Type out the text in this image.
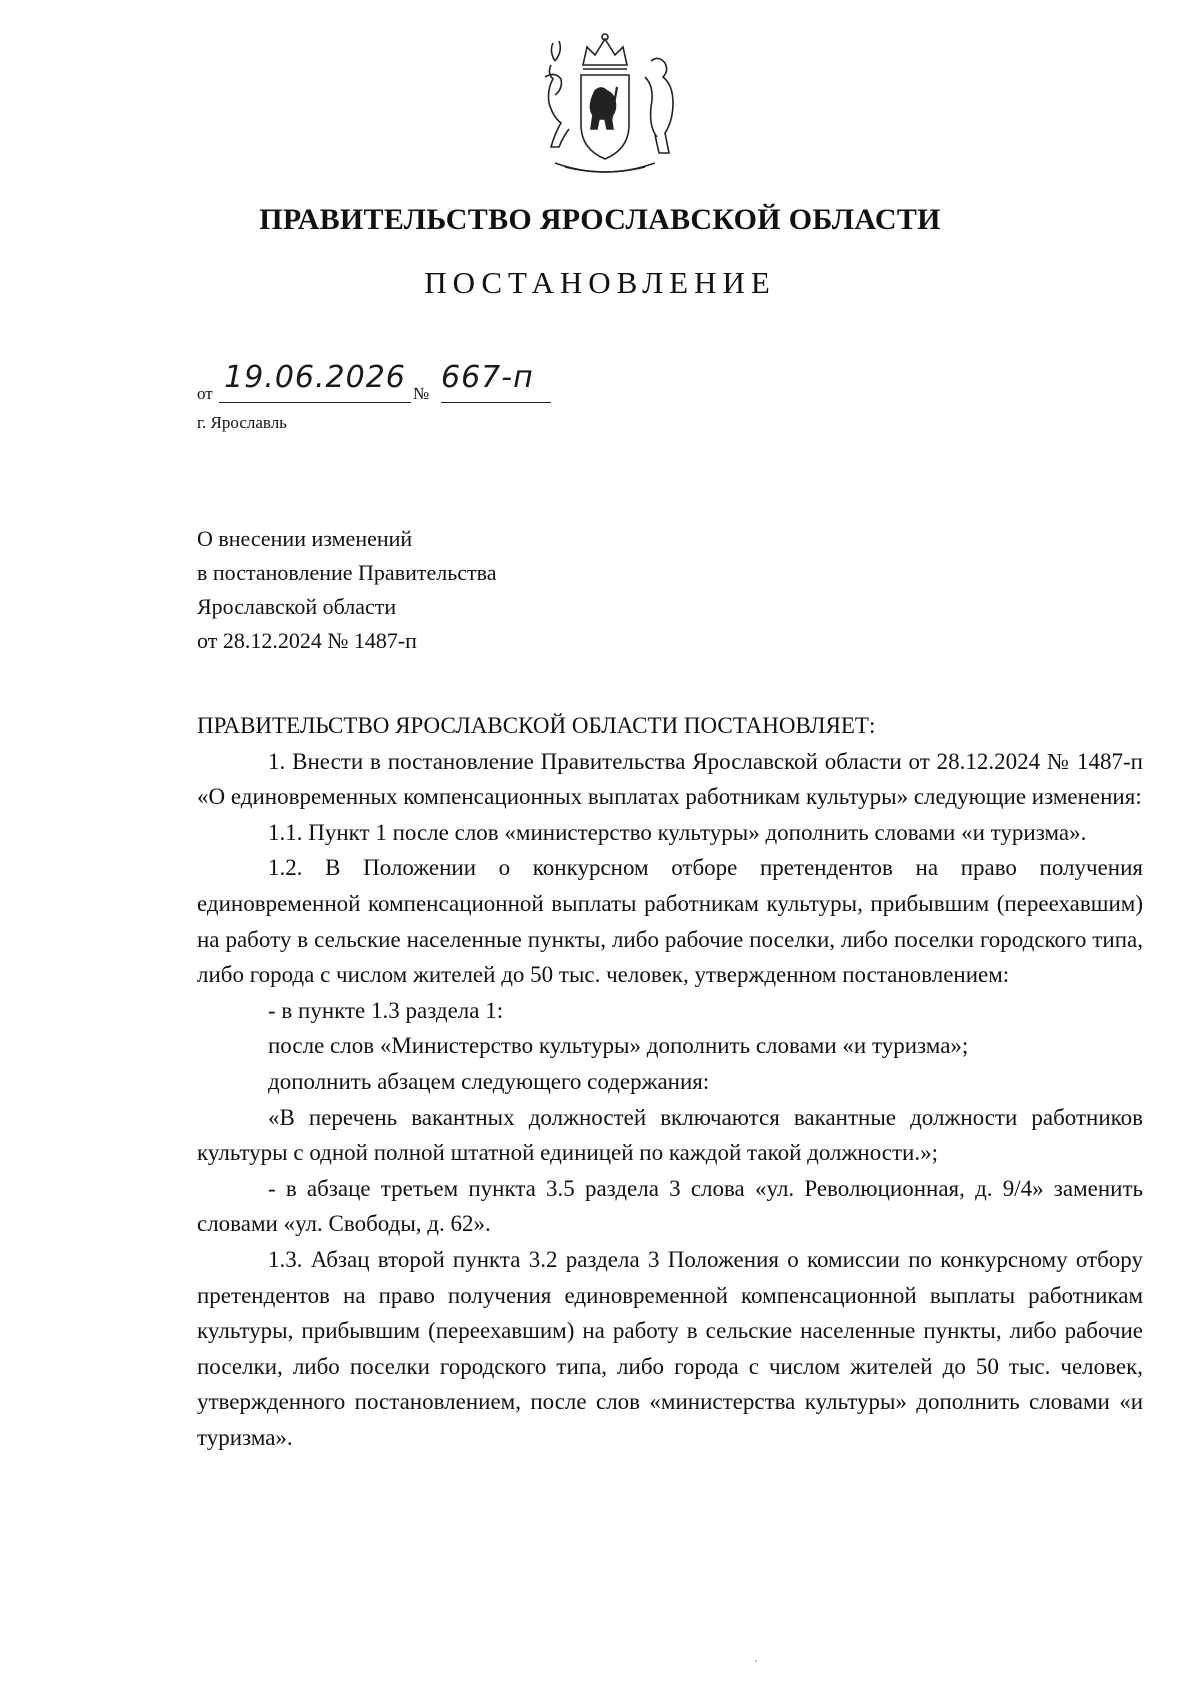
ПРАВИТЕЛЬСТВО ЯРОСЛАВСКОЙ ОБЛАСТИ
ПОСТАНОВЛЕНИЕ
от 19.06.2026 № 667-п
г. Ярославль
О внесении изменений
в постановление Правительства
Ярославской области
от 28.12.2024 № 1487-п

ПРАВИТЕЛЬСТВО ЯРОСЛАВСКОЙ ОБЛАСТИ ПОСТАНОВЛЯЕТ:

1. Внести в постановление Правительства Ярославской области от 28.12.2024 № 1487-п «О единовременных компенсационных выплатах работникам культуры» следующие изменения:

1.1. Пункт 1 после слов «министерство культуры» дополнить словами «и туризма».

1.2. В Положении о конкурсном отборе претендентов на право получения единовременной компенсационной выплаты работникам культуры, прибывшим (переехавшим) на работу в сельские населенные пункты, либо рабочие поселки, либо поселки городского типа, либо города с числом жителей до 50 тыс. человек, утвержденном постановлением:

- в пункте 1.3 раздела 1:

после слов «Министерство культуры» дополнить словами «и туризма»;

дополнить абзацем следующего содержания:

«В перечень вакантных должностей включаются вакантные должности работников культуры с одной полной штатной единицей по каждой такой должности.»;

- в абзаце третьем пункта 3.5 раздела 3 слова «ул. Революционная, д. 9/4» заменить словами «ул. Свободы, д. 62».

1.3. Абзац второй пункта 3.2 раздела 3 Положения о комиссии по конкурсному отбору претендентов на право получения единовременной компенсационной выплаты работникам культуры, прибывшим (переехавшим) на работу в сельские населенные пункты, либо рабочие поселки, либо поселки городского типа, либо города с числом жителей до 50 тыс. человек, утвержденного постановлением, после слов «министерства культуры» дополнить словами «и туризма».
